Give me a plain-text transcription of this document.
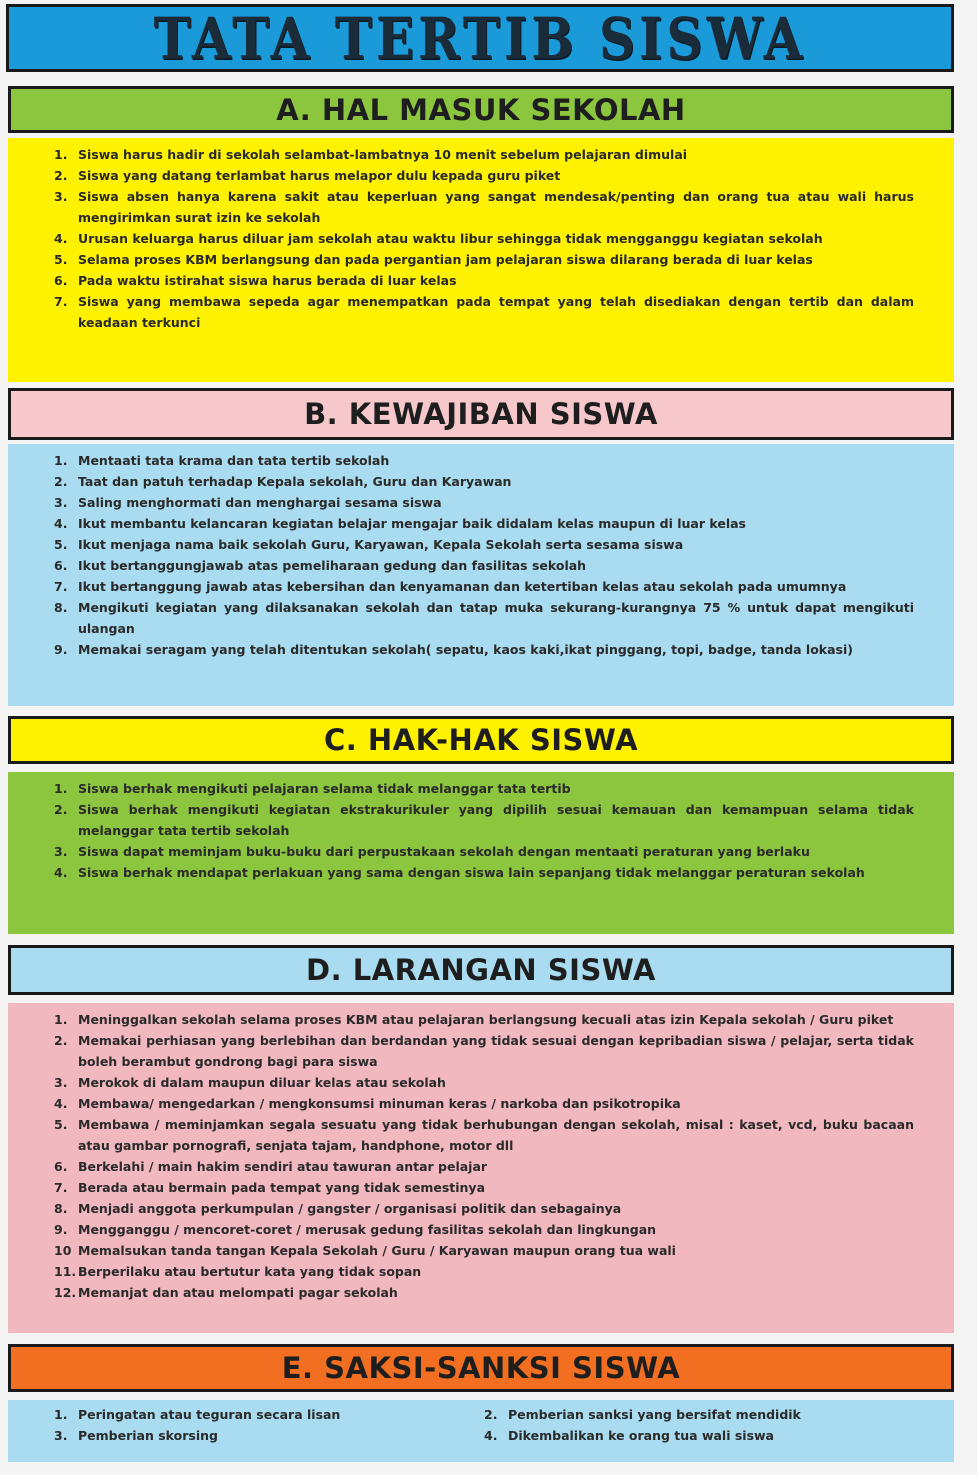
TATA TERTIB SISWA
A. HAL MASUK SEKOLAH
1. Siswa harus hadir di sekolah selambat-lambatnya 10 menit sebelum pelajaran dimulai
2. Siswa yang datang terlambat harus melapor dulu kepada guru piket
3. Siswa absen hanya karena sakit atau keperluan yang sangat mendesak/penting dan orang tua atau wali harus mengirimkan surat izin ke sekolah
4. Urusan keluarga harus diluar jam sekolah atau waktu libur sehingga tidak mengganggu kegiatan sekolah
5. Selama proses KBM berlangsung dan pada pergantian jam pelajaran siswa dilarang berada di luar kelas
6. Pada waktu istirahat siswa harus berada di luar kelas
7. Siswa yang membawa sepeda agar menempatkan pada tempat yang telah disediakan dengan tertib dan dalam keadaan terkunci
B. KEWAJIBAN SISWA
1. Mentaati tata krama dan tata tertib sekolah
2. Taat dan patuh terhadap Kepala sekolah, Guru dan Karyawan
3. Saling menghormati dan menghargai sesama siswa
4. Ikut membantu kelancaran kegiatan belajar mengajar baik didalam kelas maupun di luar kelas
5. Ikut menjaga nama baik sekolah Guru, Karyawan, Kepala Sekolah serta sesama siswa
6. Ikut bertanggungjawab atas pemeliharaan gedung dan fasilitas sekolah
7. Ikut bertanggung jawab atas kebersihan dan kenyamanan dan ketertiban kelas atau sekolah pada umumnya
8. Mengikuti kegiatan yang dilaksanakan sekolah dan tatap muka sekurang-kurangnya 75 % untuk dapat mengikuti ulangan
9. Memakai seragam yang telah ditentukan sekolah( sepatu, kaos kaki,ikat pinggang, topi, badge, tanda lokasi)
C. HAK-HAK SISWA
1. Siswa berhak mengikuti pelajaran selama tidak melanggar tata tertib
2. Siswa berhak mengikuti kegiatan ekstrakurikuler yang dipilih sesuai kemauan dan kemampuan selama tidak melanggar tata tertib sekolah
3. Siswa dapat meminjam buku-buku dari perpustakaan sekolah dengan mentaati peraturan yang berlaku
4. Siswa berhak mendapat perlakuan yang sama dengan siswa lain sepanjang tidak melanggar peraturan sekolah
D. LARANGAN SISWA
1. Meninggalkan sekolah selama proses KBM atau pelajaran berlangsung kecuali atas izin Kepala sekolah / Guru piket
2. Memakai perhiasan yang berlebihan dan berdandan yang tidak sesuai dengan kepribadian siswa / pelajar, serta tidak boleh berambut gondrong bagi para siswa
3. Merokok di dalam maupun diluar kelas atau sekolah
4. Membawa/ mengedarkan / mengkonsumsi minuman keras / narkoba dan psikotropika
5. Membawa / meminjamkan segala sesuatu yang tidak berhubungan dengan sekolah, misal : kaset, vcd, buku bacaan atau gambar pornografi, senjata tajam, handphone, motor dll
6. Berkelahi / main hakim sendiri atau tawuran antar pelajar
7. Berada atau bermain pada tempat yang tidak semestinya
8. Menjadi anggota perkumpulan / gangster / organisasi politik dan sebagainya
9. Mengganggu / mencoret-coret / merusak gedung fasilitas sekolah dan lingkungan
10 Memalsukan tanda tangan Kepala Sekolah / Guru / Karyawan maupun orang tua wali
11. Berperilaku atau bertutur kata yang tidak sopan
12. Memanjat dan atau melompati pagar sekolah
E. SAKSI-SANKSI SISWA
1. Peringatan atau teguran secara lisan
3. Pemberian skorsing
2. Pemberian sanksi yang bersifat mendidik
4. Dikembalikan ke orang tua wali siswa
